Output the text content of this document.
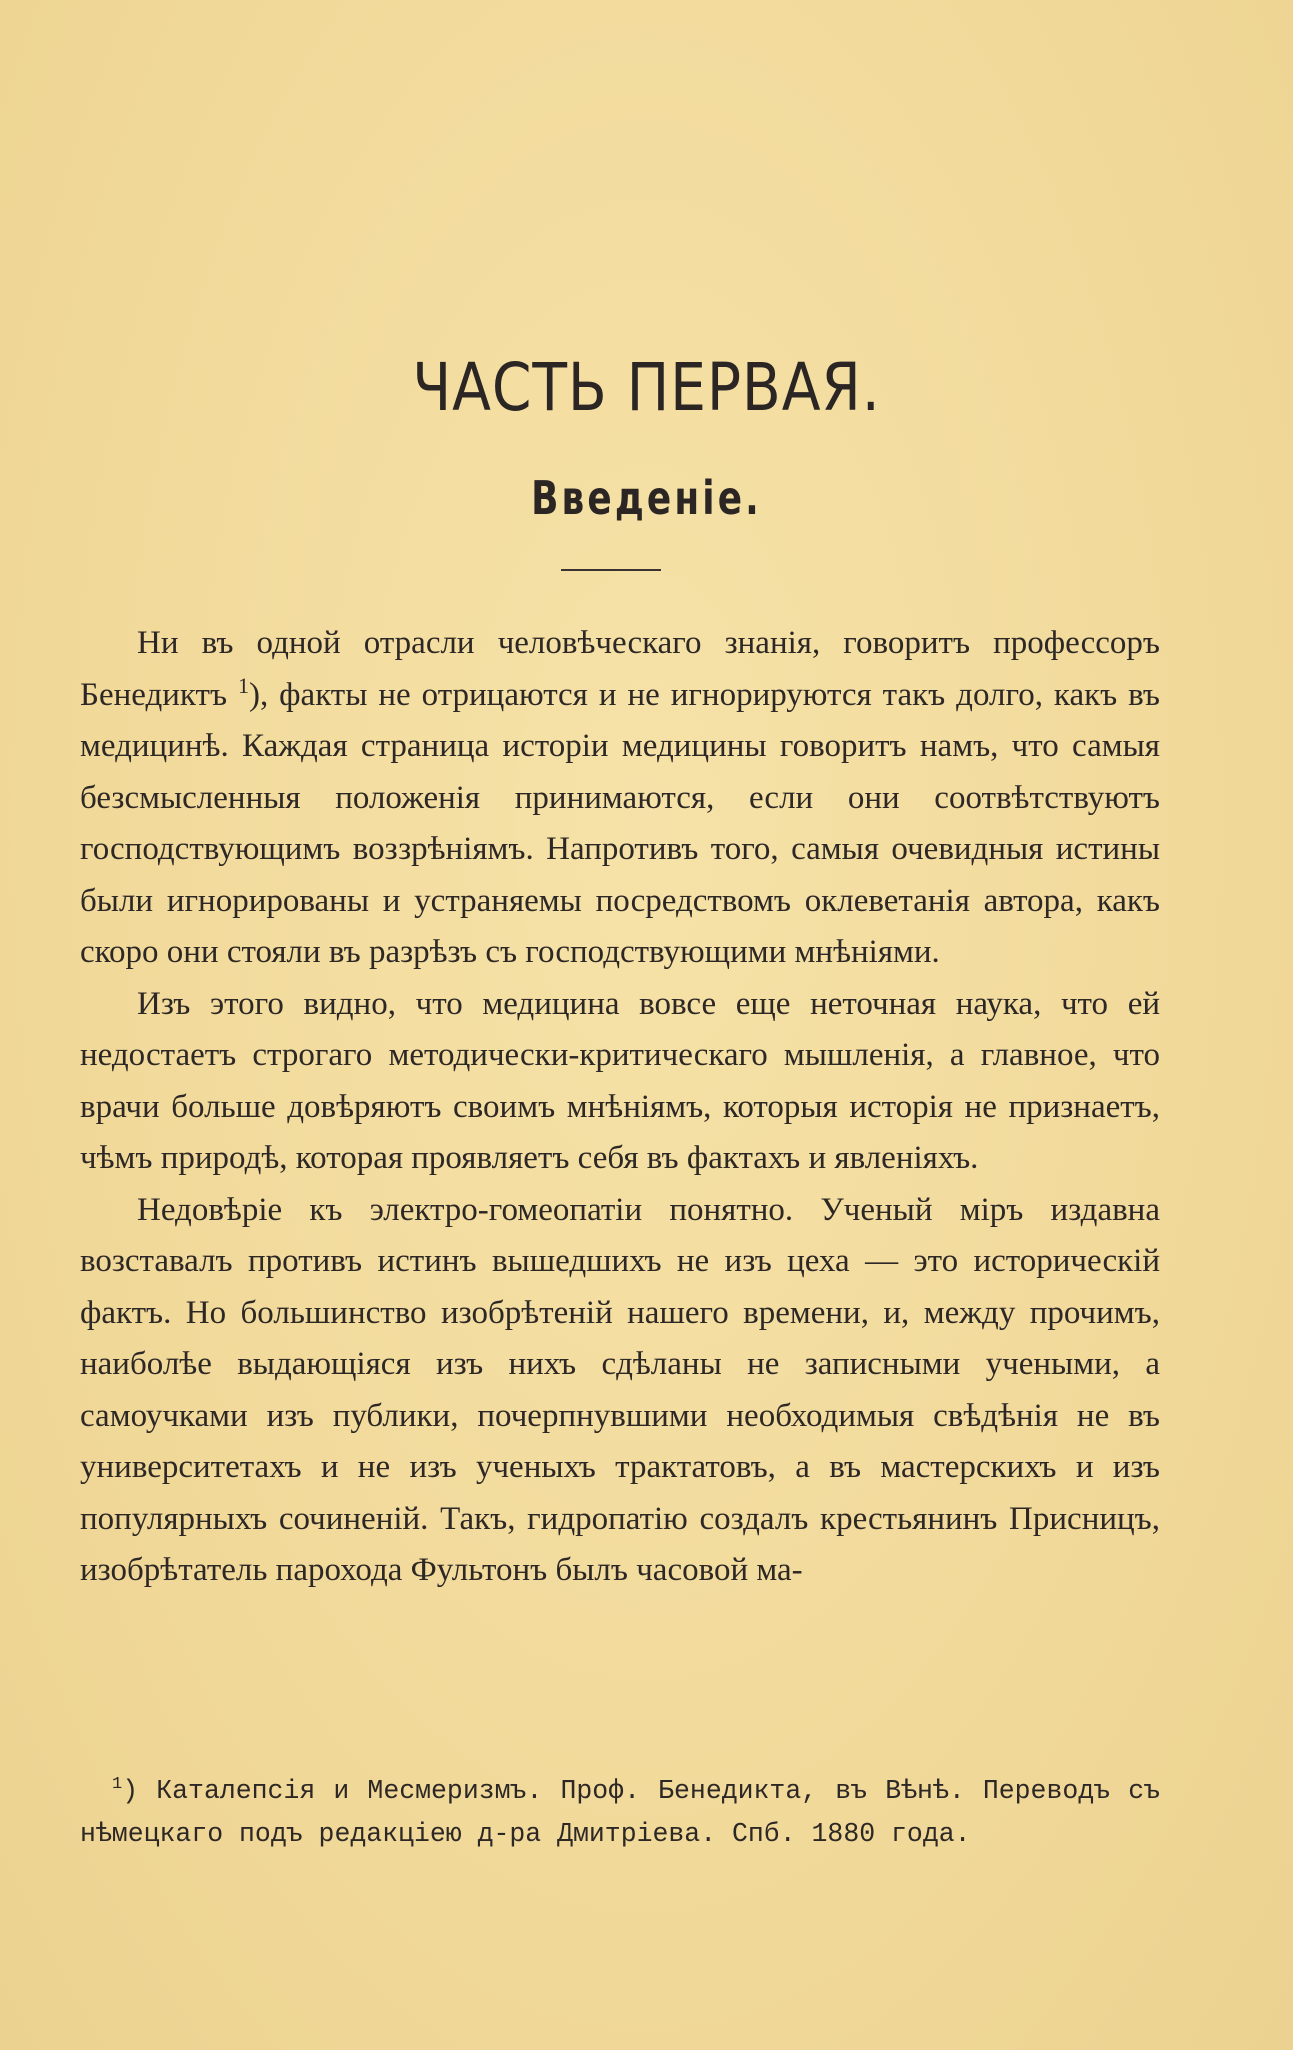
ЧАСТЬ ПЕРВАЯ.
Введенie.

Ни въ одной отрасли человѣческаго знанія, говоритъ профессоръ Бенедиктъ $^1$), факты не отрицаются и не игнорируются такъ долго, какъ въ медицинѣ. Каждая страница исторіи медицины говоритъ намъ, что самыя безсмысленныя положенія принимаются, если они соотвѣтствуютъ господствующимъ воззрѣніямъ. Напротивъ того, самыя очевидныя истины были игнорированы и устраняемы посредствомъ оклеветанія автора, какъ скоро они стояли въ разрѣзъ съ господствующими мнѣніями.

Изъ этого видно, что медицина вовсе еще неточная наука, что ей недостаетъ строгаго методически-критическаго мышленія, а главное, что врачи больше довѣряютъ своимъ мнѣніямъ, которыя исторія не признаетъ, чѣмъ природѣ, которая проявляетъ себя въ фактахъ и явленіяхъ.

Недовѣріе къ электро-гомеопатіи понятно. Ученый міръ издавна возставалъ противъ истинъ вышедшихъ не изъ цеха — это историческій фактъ. Но большинство изобрѣтеній нашего времени, и, между прочимъ, наиболѣе выдающіяся изъ нихъ сдѣланы не записными учеными, а самоучками изъ публики, почерпнувшими необходимыя свѣдѣнія не въ университетахъ и не изъ ученыхъ трактатовъ, а въ мастерскихъ и изъ популярныхъ сочиненій. Такъ, гидропатію создалъ крестьянинъ Присницъ, изобрѣтатель парохода Фультонъ былъ часовой ма-

$^1$) Каталепсія и Месмеризмъ. Проф. Бенедикта, въ Вѣнѣ. Переводъ съ нѣмецкаго подъ редакціею д-ра Дмитріева. Спб. 1880 года.
